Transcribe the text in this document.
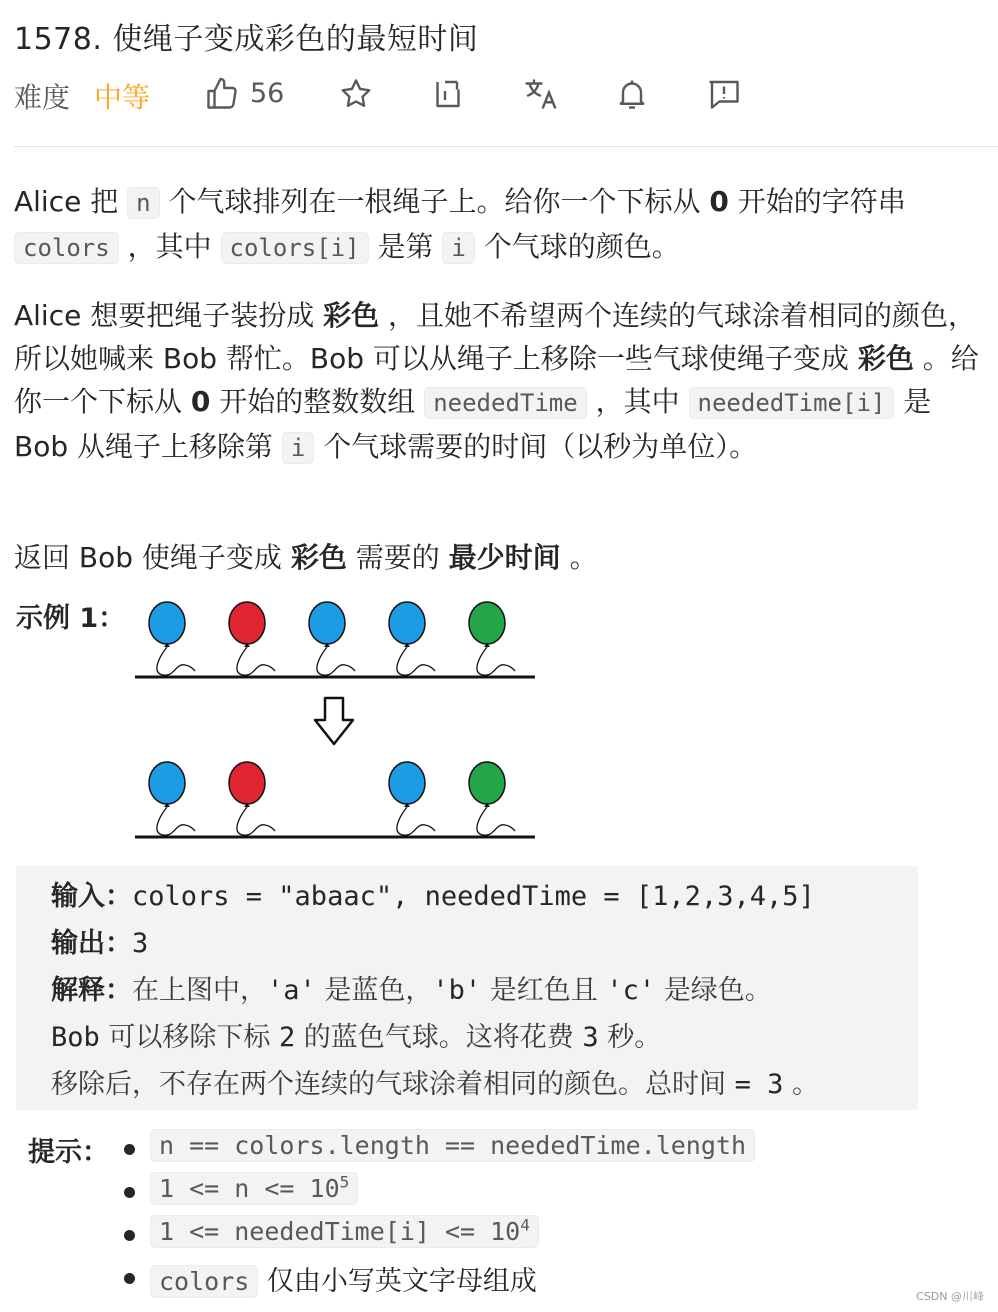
1578. 使绳子变成彩色的最短时间
难度 中等	56
Alice 把 n 个气球排列在一根绳子上。给你一个下标从 0 开始的字符串
colors ，其中 colors[i] 是第 i 个气球的颜色。
Alice 想要把绳子装扮成 彩色 ，且她不希望两个连续的气球涂着相同的颜色，所以她喊来 Bob 帮忙。Bob 可以从绳子上移除一些气球使绳子变成 彩色 。给你一个下标从 0 开始的整数数组 neededTime ，其中 neededTime[i] 是 Bob 从绳子上移除第 i 个气球需要的时间（以秒为单位）。
返回 Bob 使绳子变成 彩色 需要的 最少时间 。
示例 1：
输入：colors = "abaac", neededTime = [1,2,3,4,5]
输出：3
解释：在上图中，'a' 是蓝色，'b' 是红色且 'c' 是绿色。
Bob 可以移除下标 2 的蓝色气球。这将花费 3 秒。
移除后，不存在两个连续的气球涂着相同的颜色。总时间 = 3 。
提示：	n == colors.length == neededTime.length
$1 <= n <= 10^5$
1 <= neededTime[i] <= $10^4$
colors 仅由小写英文字母组成	CSDN @川峰
